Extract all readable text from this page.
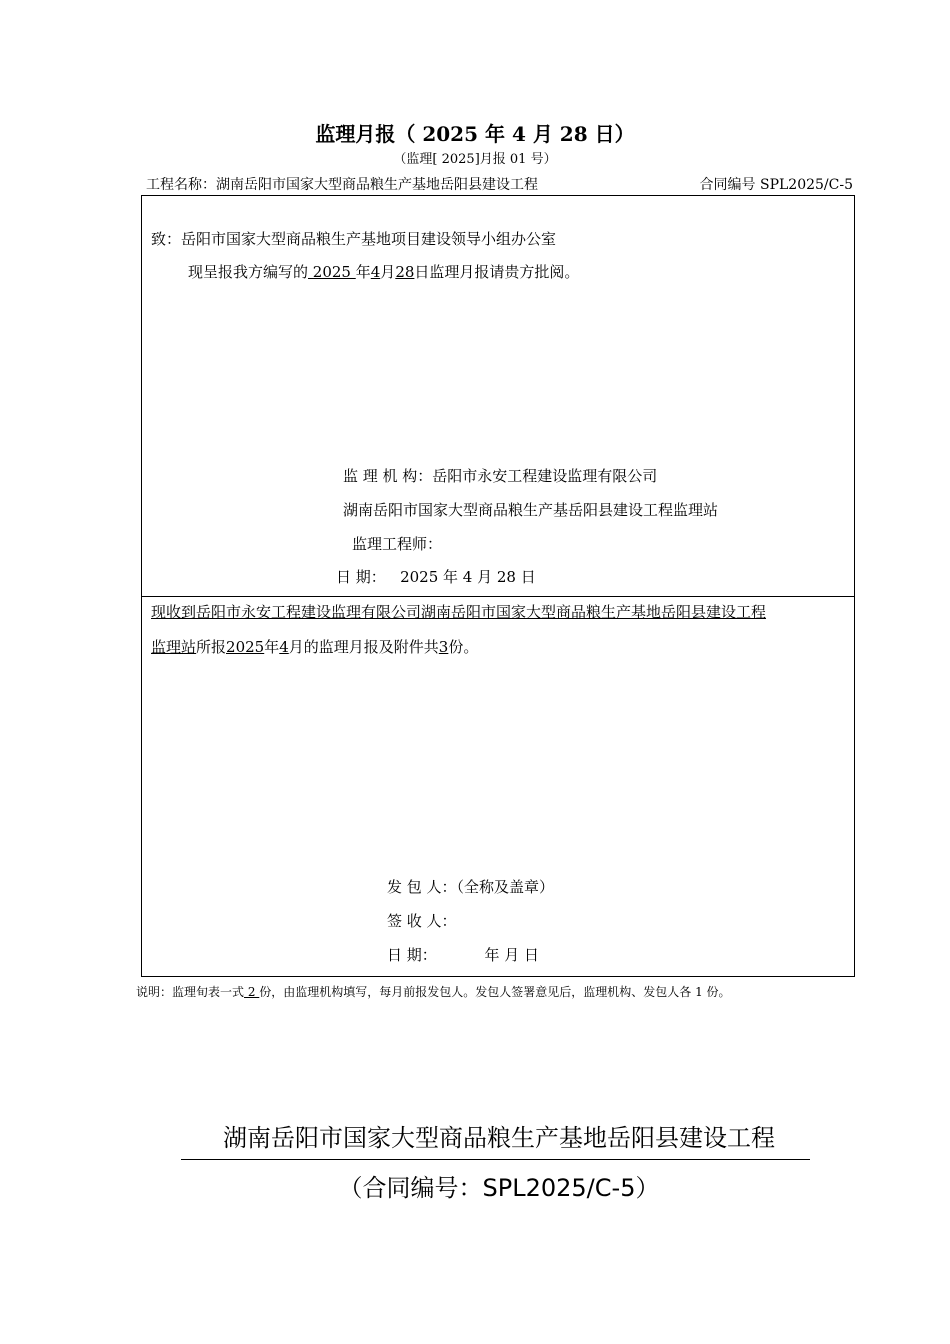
监理月报（ 2025 年 4 月 28 日）
（监理[ 2025]月报 01 号）
工程名称：湖南岳阳市国家大型商品粮生产基地岳阳县建设工程	合同编号 SPL2025/C-5
致：岳阳市国家大型商品粮生产基地项目建设领导小组办公室
现呈报我方编写的 2025 年4月28日监理月报请贵方批阅。
监 理 机 构：岳阳市永安工程建设监理有限公司
湖南岳阳市国家大型商品粮生产基岳阳县建设工程监理站
监理工程师：
日 期： 2025 年 4 月 28 日
现收到岳阳市永安工程建设监理有限公司湖南岳阳市国家大型商品粮生产基地岳阳县建设工程
监理站所报2025年4月的监理月报及附件共3份。
发 包 人：（全称及盖章）
签 收 人：
日 期：	年 月 日
说明：监理旬表一式 2 份，由监理机构填写，每月前报发包人。发包人签署意见后，监理机构、发包人各 1 份。
湖南岳阳市国家大型商品粮生产基地岳阳县建设工程
（合同编号：SPL2025/C-5）
